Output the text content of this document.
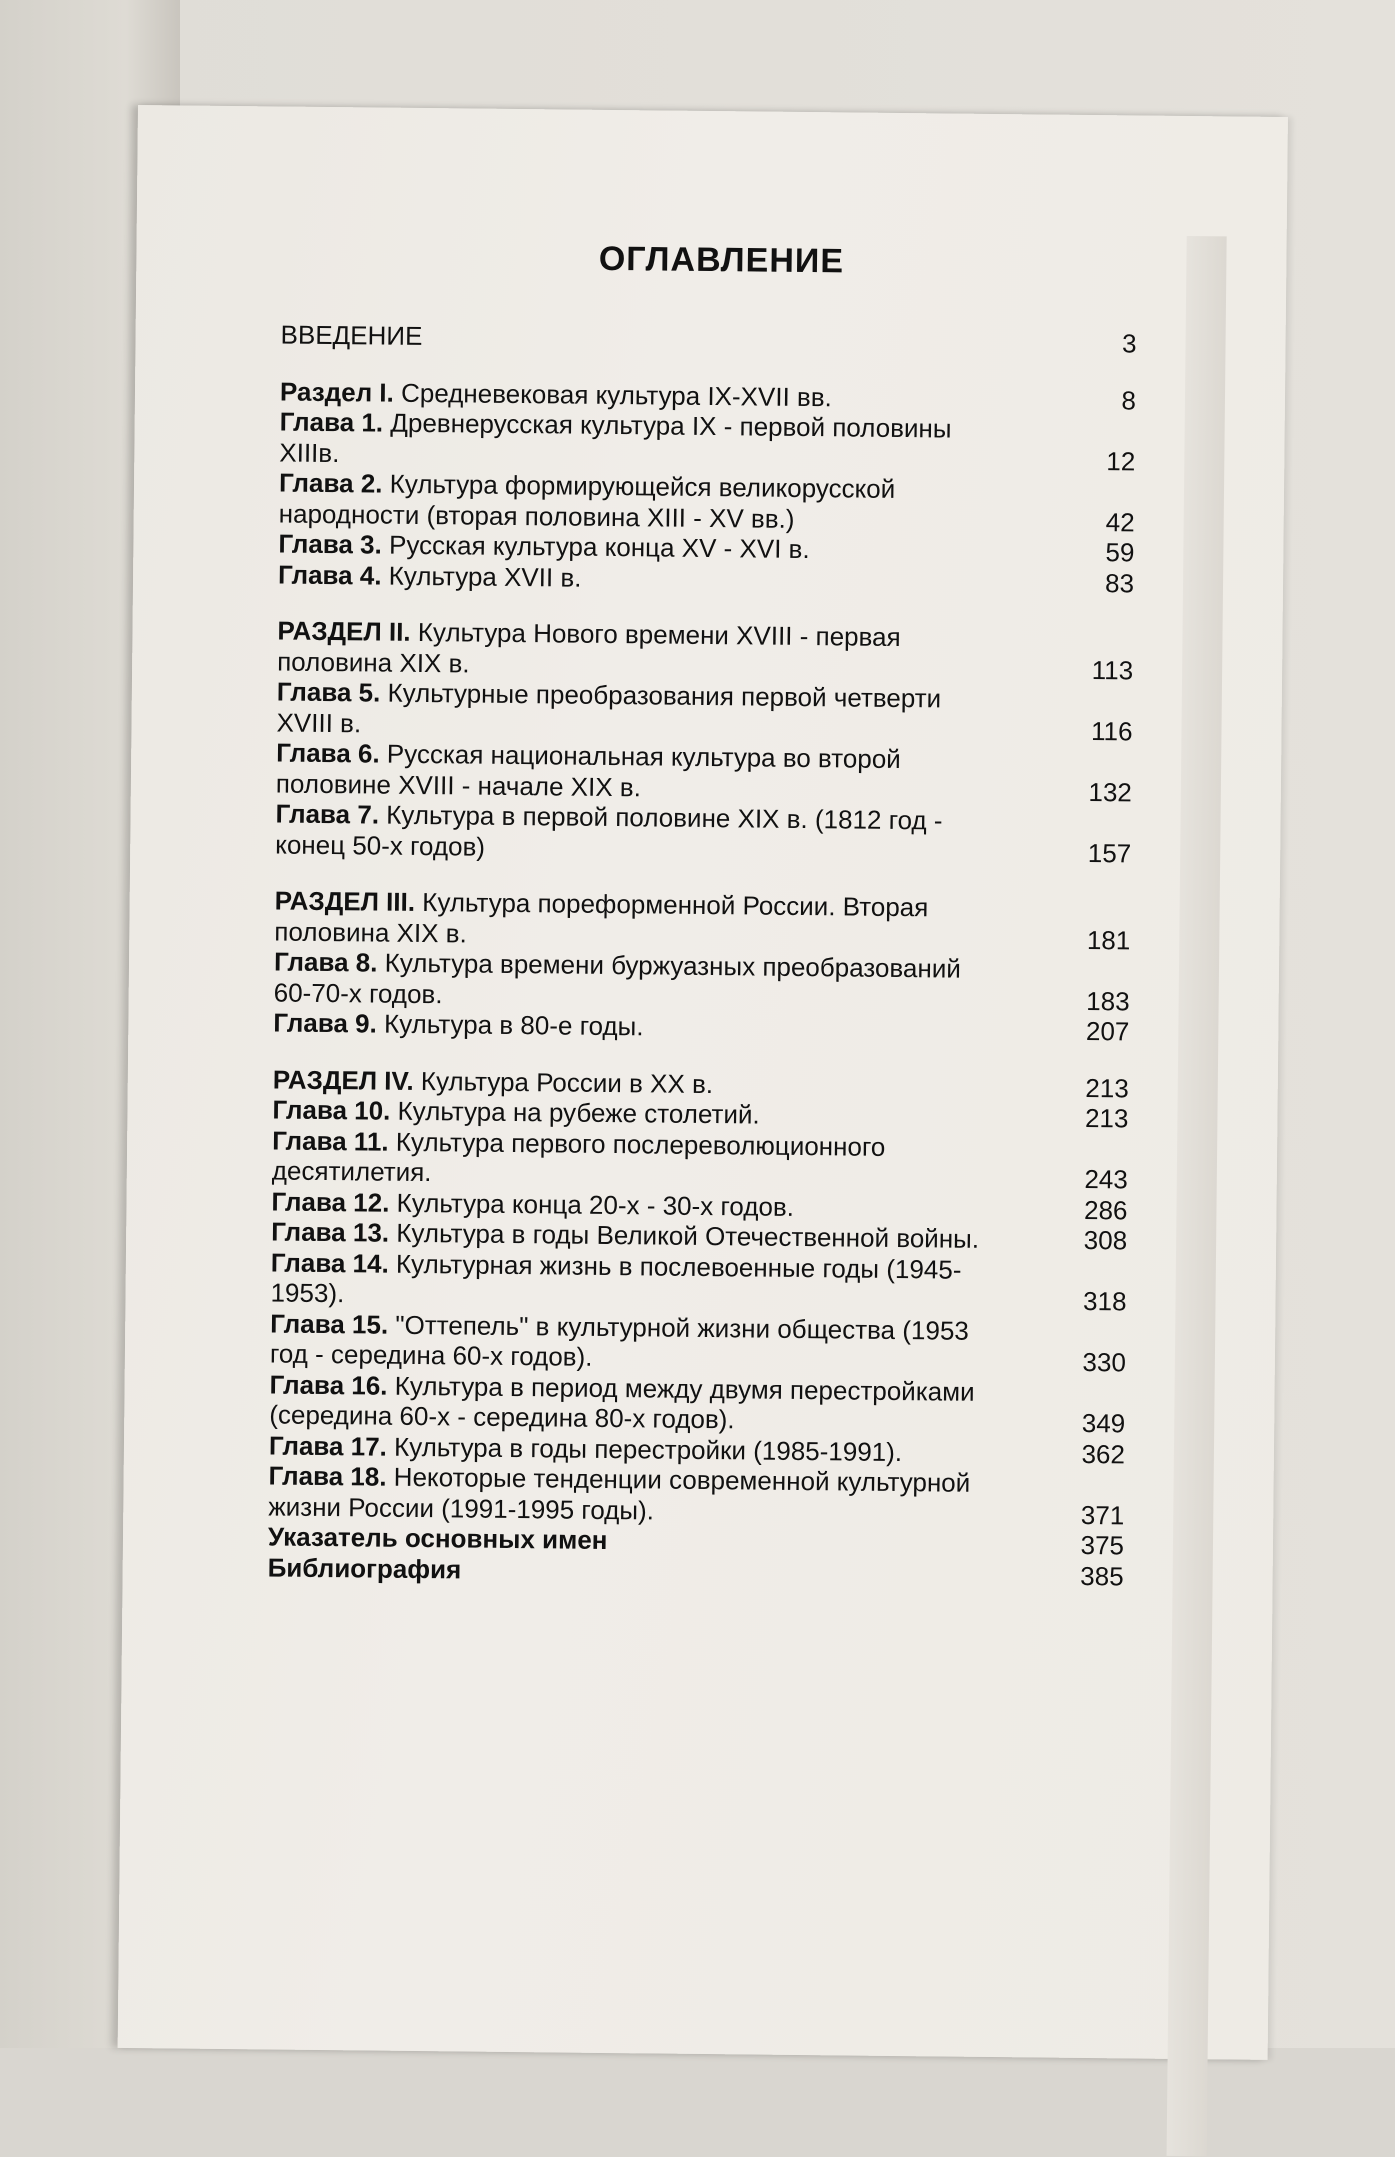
ОГЛАВЛЕНИЕ
ВВЕДЕНИЕ	3
Раздел I. Средневековая культура IX-XVII вв.	8
Глава 1. Древнерусская культура IX - первой половины XIIIв.	12
Глава 2. Культура формирующейся великорусской народности (вторая половина XIII - XV вв.)	42
Глава 3. Русская культура конца XV - XVI в.	59
Глава 4. Культура XVII в.	83
РАЗДЕЛ II. Культура Нового времени XVIII - первая половина XIX в.	113
Глава 5. Культурные преобразования первой четверти XVIII в.	116
Глава 6. Русская национальная культура во второй половине XVIII - начале XIX в.	132
Глава 7. Культура в первой половине XIX в. (1812 год - конец 50-х годов)	157
РАЗДЕЛ III. Культура пореформенной России. Вторая половина XIX в.	181
Глава 8. Культура времени буржуазных преобразований 60-70-х годов.	183
Глава 9. Культура в 80-е годы.	207
РАЗДЕЛ IV. Культура России в XX в.	213
Глава 10. Культура на рубеже столетий.	213
Глава 11. Культура первого послереволюционного десятилетия.	243
Глава 12. Культура конца 20-х - 30-х годов.	286
Глава 13. Культура в годы Великой Отечественной войны.	308
Глава 14. Культурная жизнь в послевоенные годы (1945-1953).	318
Глава 15. "Оттепель" в культурной жизни общества (1953 год - середина 60-х годов).	330
Глава 16. Культура в период между двумя перестройками (середина 60-х - середина 80-х годов).	349
Глава 17. Культура в годы перестройки (1985-1991).	362
Глава 18. Некоторые тенденции современной культурной жизни России (1991-1995 годы).	371
Указатель основных имен	375
Библиография	385
